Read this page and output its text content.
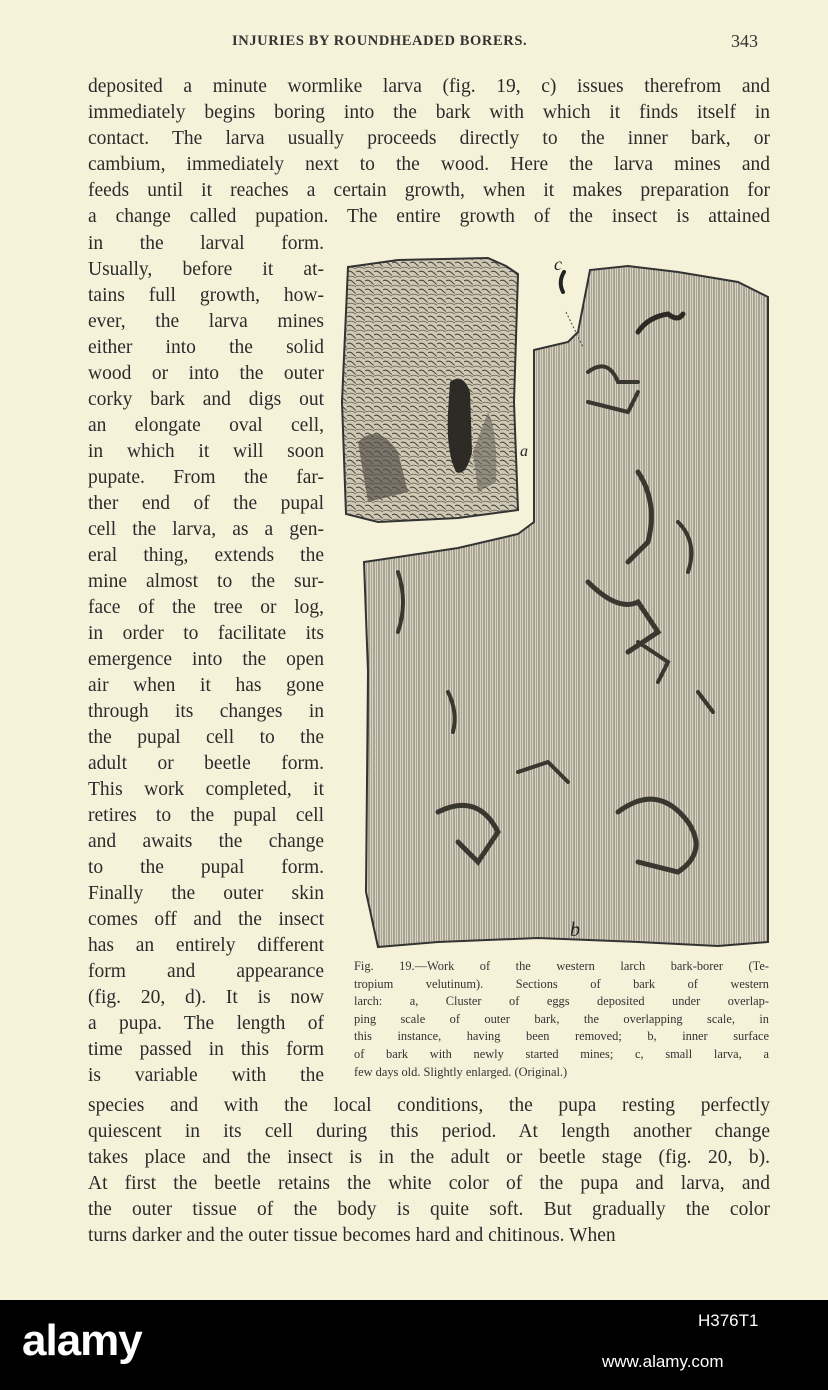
INJURIES BY ROUNDHEADED BORERS.	343
deposited a minute wormlike larva (fig. 19, c) issues therefrom and
immediately begins boring into the bark with which it finds itself in
contact. The larva usually proceeds directly to the inner bark, or
cambium, immediately next to the wood. Here the larva mines and
feeds until it reaches a certain growth, when it makes preparation for
a change called pupation. The entire growth of the insect is attained
in the larval form.
Usually, before it at-
tains full growth, how-
ever, the larva mines
either into the solid
wood or into the outer
corky bark and digs out
an elongate oval cell,
in which it will soon
pupate. From the far-
ther end of the pupal
cell the larva, as a gen-
eral thing, extends the
mine almost to the sur-
face of the tree or log,
in order to facilitate its
emergence into the open
air when it has gone
through its changes in
the pupal cell to the
adult or beetle form.
This work completed, it
retires to the pupal cell
and awaits the change
to the pupal form.
Finally the outer skin
comes off and the insect
has an entirely different
form and appearance
(fig. 20, d). It is now
a pupa. The length of
time passed in this form
is variable with the
species and with the local conditions, the pupa resting perfectly
quiescent in its cell during this period. At length another change
takes place and the insect is in the adult or beetle stage (fig. 20, b).
At first the beetle retains the white color of the pupa and larva, and
the outer tissue of the body is quite soft. But gradually the color
turns darker and the outer tissue becomes hard and chitinous. When
c
a
b
Fig. 19.—Work of the western larch bark-borer (Te-
tropium velutinum). Sections of bark of western
larch: a, Cluster of eggs deposited under overlap-
ping scale of outer bark, the overlapping scale, in
this instance, having been removed; b, inner surface
of bark with newly started mines; c, small larva, a
few days old. Slightly enlarged. (Original.)
alamy	H376T1
www.alamy.com
